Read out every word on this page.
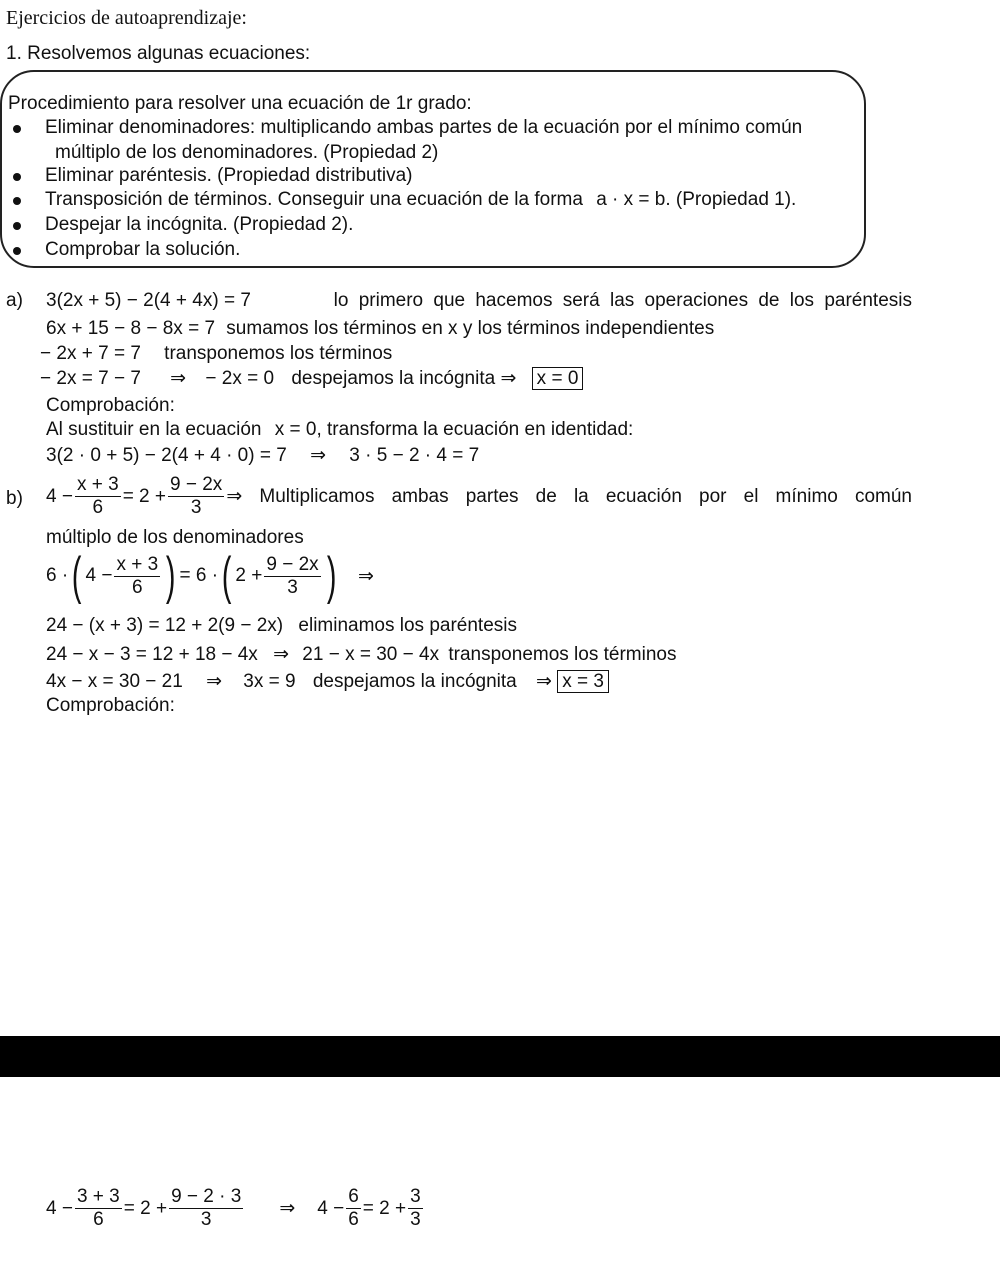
Ejercicios de autoaprendizaje:
1. Resolvemos algunas ecuaciones:
Procedimiento para resolver una ecuación de 1r grado:
Eliminar denominadores: multiplicando ambas partes de la ecuación por el mínimo común
múltiplo de los denominadores. (Propiedad 2)
Eliminar paréntesis. (Propiedad distributiva)
Transposición de términos. Conseguir una ecuación de la forma a · x = b. (Propiedad 1).
Despejar la incógnita. (Propiedad 2).
Comprobar la solución.
a) 3(2x + 5) − 2(4 + 4x) = 7	lo primero que hacemos será las operaciones de los paréntesis
6x + 15 − 8 − 8x = 7 sumamos los términos en x y los términos independientes
− 2x + 7 = 7 transponemos los términos
− 2x = 7 − 7 ⇒ − 2x = 0 despejamos la incógnita ⇒ x = 0
Comprobación:
Al sustituir en la ecuación x = 0, transforma la ecuación en identidad:
3(2 · 0 + 5) − 2(4 + 4 · 0) = 7 ⇒ 3 · 5 − 2 · 4 = 7
b) $4 - \frac{x + 3}{6} = 2 + \frac{9 - 2x}{3}$ ⇒ Multiplicamos ambas partes de la ecuación por el mínimo común
múltiplo de los denominadores
6 · ( $4 - \frac{x + 3}{6}$ ) = 6 · ( $2 + \frac{9 - 2x}{3}$ ) ⇒
24 − (x + 3) = 12 + 2(9 − 2x) eliminamos los paréntesis
24 − x − 3 = 12 + 18 − 4x ⇒ 21 − x = 30 − 4x transponemos los términos
4x − x = 30 − 21 ⇒ 3x = 9 despejamos la incógnita ⇒ x = 3
Comprobación:
$4 - \frac{3 + 3}{6} = 2 + \frac{9 - 2 \cdot 3}{3}$ ⇒ $4 - \frac{6}{6} = 2 + \frac{3}{3}$
